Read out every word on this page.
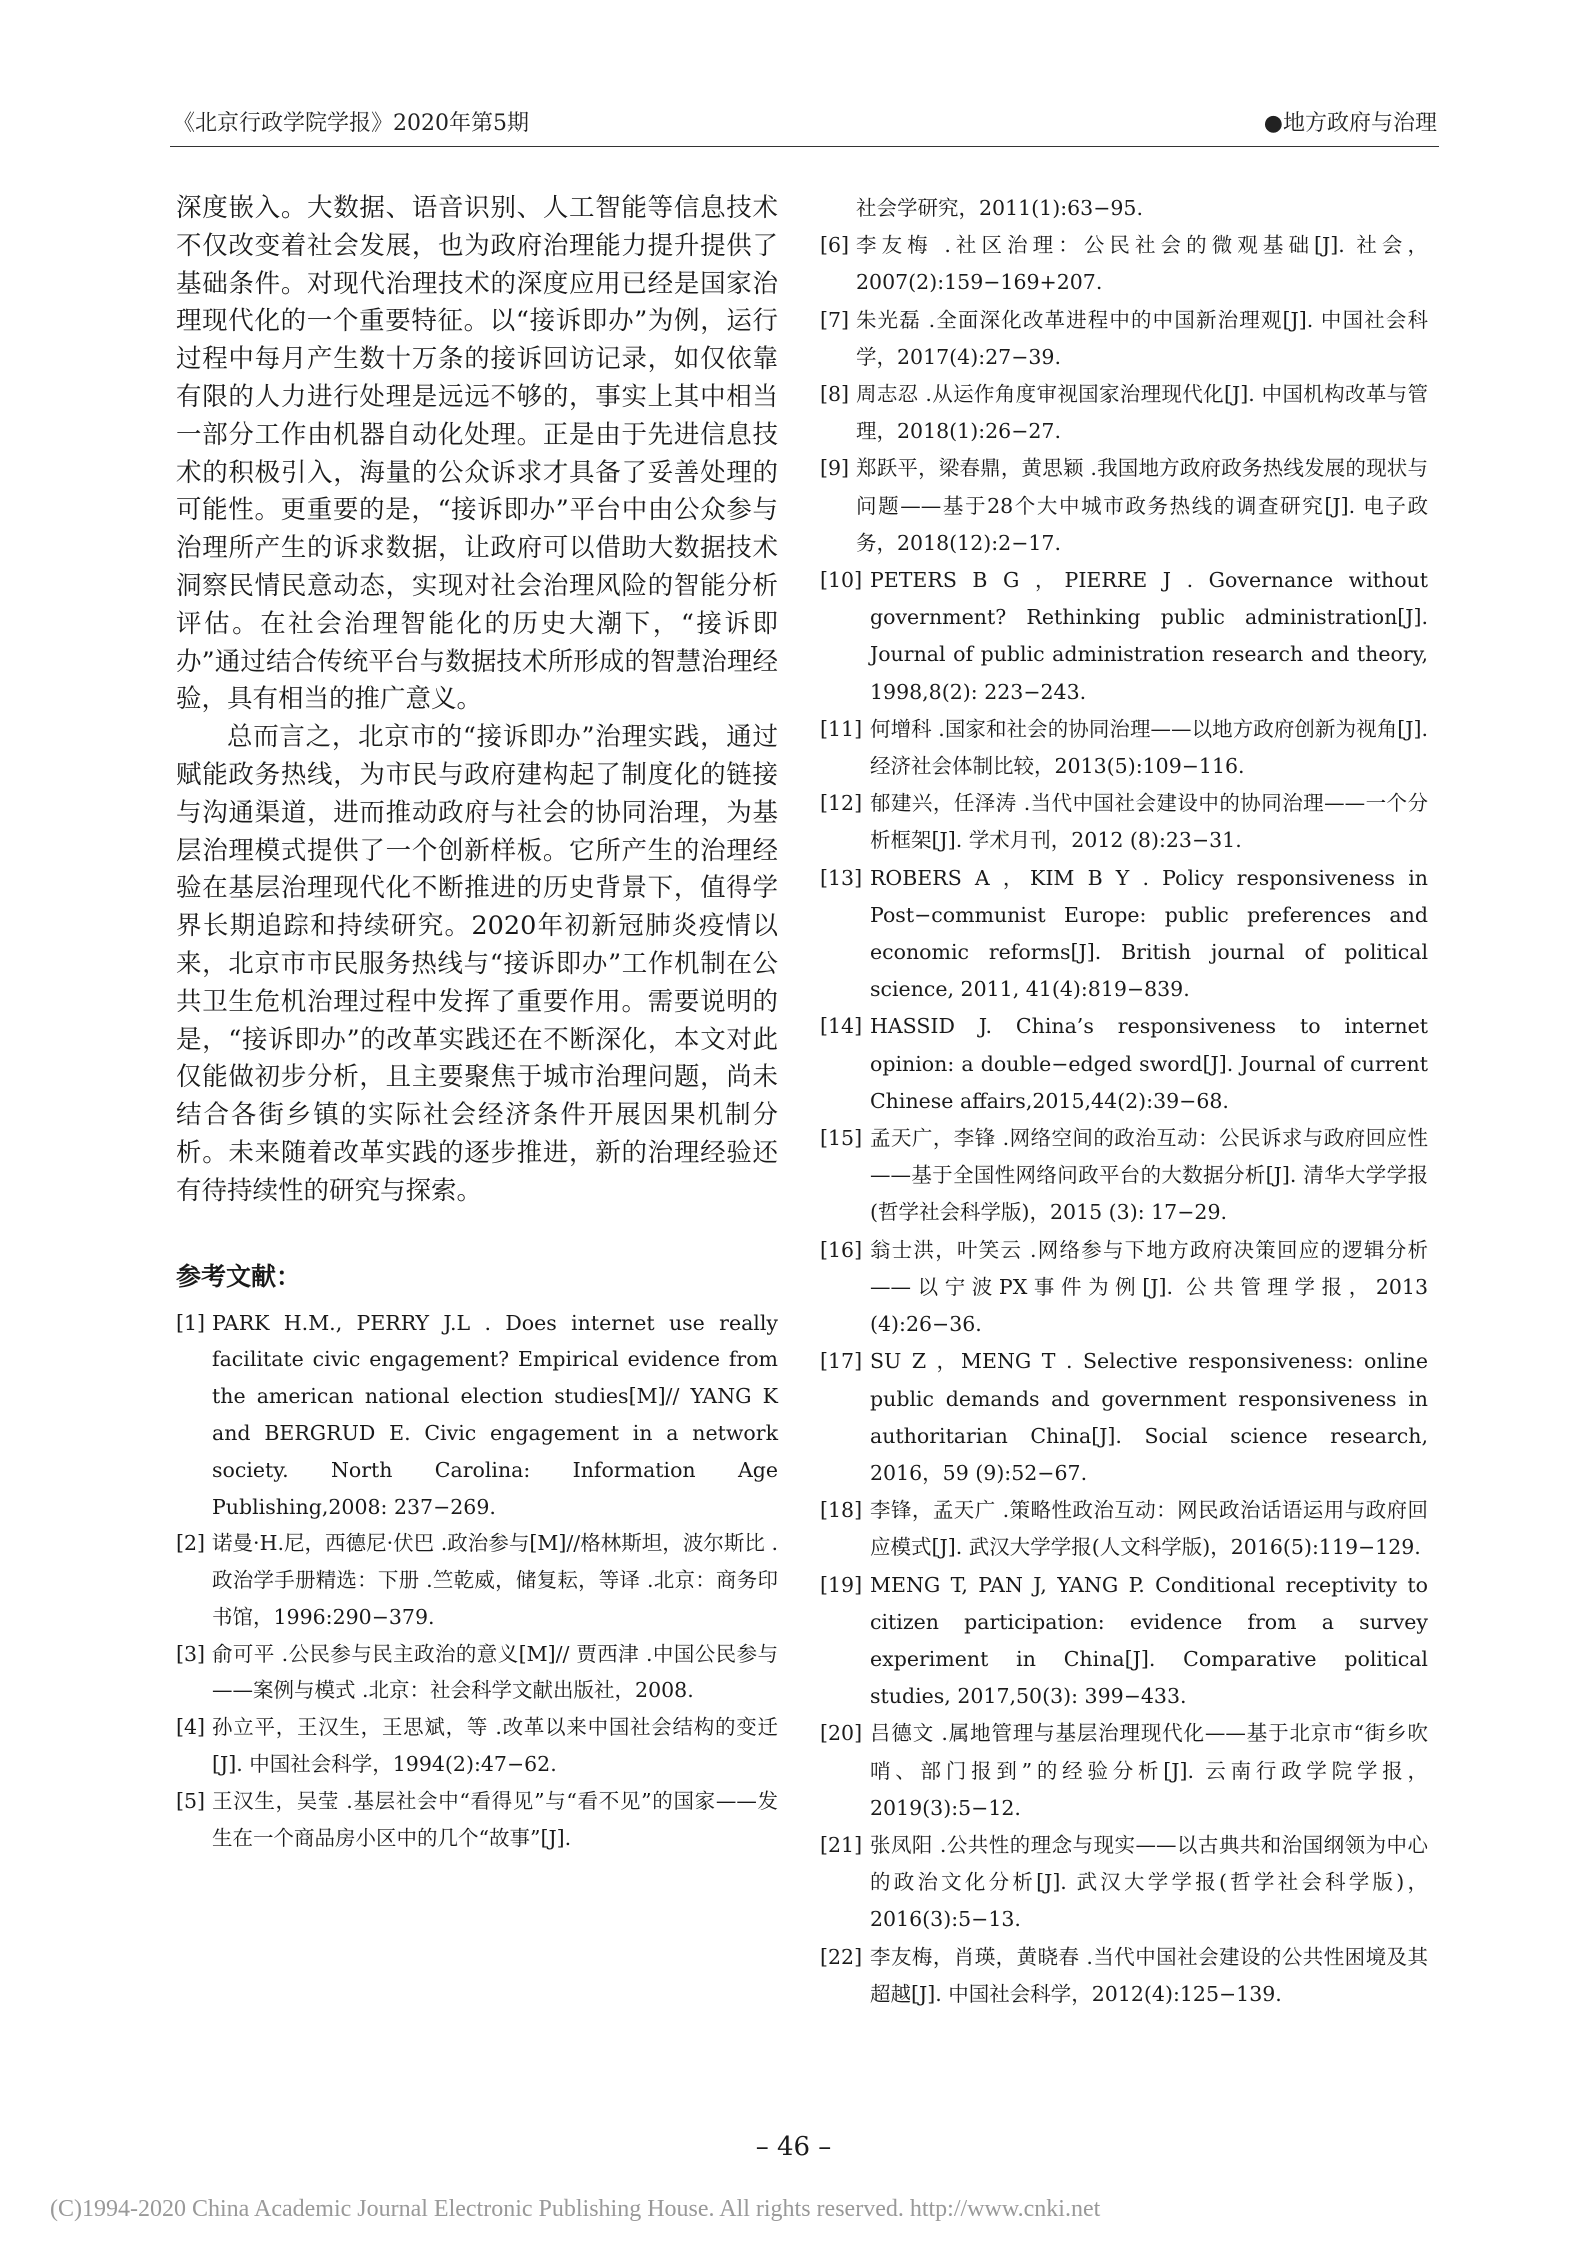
《北京行政学院学报》2020年第5期	●地方政府与治理

深度嵌入。大数据、语音识别、人工智能等信息技术不仅改变着社会发展，也为政府治理能力提升提供了基础条件。对现代治理技术的深度应用已经是国家治理现代化的一个重要特征。以“接诉即办”为例，运行过程中每月产生数十万条的接诉回访记录，如仅依靠有限的人力进行处理是远远不够的，事实上其中相当一部分工作由机器自动化处理。正是由于先进信息技术的积极引入，海量的公众诉求才具备了妥善处理的可能性。更重要的是，“接诉即办”平台中由公众参与治理所产生的诉求数据，让政府可以借助大数据技术洞察民情民意动态，实现对社会治理风险的智能分析评估。在社会治理智能化的历史大潮下，“接诉即办”通过结合传统平台与数据技术所形成的智慧治理经验，具有相当的推广意义。

总而言之，北京市的“接诉即办”治理实践，通过赋能政务热线，为市民与政府建构起了制度化的链接与沟通渠道，进而推动政府与社会的协同治理，为基层治理模式提供了一个创新样板。它所产生的治理经验在基层治理现代化不断推进的历史背景下，值得学界长期追踪和持续研究。2020年初新冠肺炎疫情以来，北京市市民服务热线与“接诉即办”工作机制在公共卫生危机治理过程中发挥了重要作用。需要说明的是，“接诉即办”的改革实践还在不断深化，本文对此仅能做初步分析，且主要聚焦于城市治理问题，尚未结合各街乡镇的实际社会经济条件开展因果机制分析。未来随着改革实践的逐步推进，新的治理经验还有待持续性的研究与探索。

参考文献：
[1] PARK H.M., PERRY J.L . Does internet use really facilitate civic engagement? Empirical evidence from the american national election studies[M]// YANG K and BERGRUD E. Civic engagement in a network society. North Carolina: Information Age Publishing,2008: 237−269.
[2] 诺曼·H.尼，西德尼·伏巴 .政治参与[M]//格林斯坦，波尔斯比 .政治学手册精选：下册 .竺乾威，储复耘，等译 .北京：商务印书馆，1996:290−379.
[3] 俞可平 .公民参与民主政治的意义[M]// 贾西津 .中国公民参与——案例与模式 .北京：社会科学文献出版社，2008.
[4] 孙立平，王汉生，王思斌，等 .改革以来中国社会结构的变迁[J]. 中国社会科学，1994(2):47−62.
[5] 王汉生，吴莹 .基层社会中“看得见”与“看不见”的国家——发生在一个商品房小区中的几个“故事”[J].
社会学研究，2011(1):63−95.
[6] 李友梅 .社区治理：公民社会的微观基础[J]. 社会，2007(2):159−169+207.
[7] 朱光磊 .全面深化改革进程中的中国新治理观[J]. 中国社会科学，2017(4):27−39.
[8] 周志忍 .从运作角度审视国家治理现代化[J]. 中国机构改革与管理，2018(1):26−27.
[9] 郑跃平，梁春鼎，黄思颖 .我国地方政府政务热线发展的现状与问题——基于28个大中城市政务热线的调查研究[J]. 电子政务，2018(12):2−17.
[10] PETERS B G ，PIERRE J . Governance without government? Rethinking public administration[J]. Journal of public administration research and theory, 1998,8(2): 223−243.
[11] 何增科 .国家和社会的协同治理——以地方政府创新为视角[J]. 经济社会体制比较，2013(5):109−116.
[12] 郁建兴，任泽涛 .当代中国社会建设中的协同治理——一个分析框架[J]. 学术月刊，2012 (8):23−31.
[13] ROBERS A ，KIM B Y . Policy responsiveness in Post−communist Europe: public preferences and economic reforms[J]. British journal of political science, 2011, 41(4):819−839.
[14] HASSID J. China’s responsiveness to internet opinion: a double−edged sword[J]. Journal of current Chinese affairs,2015,44(2):39−68.
[15] 孟天广，李锋 .网络空间的政治互动：公民诉求与政府回应性——基于全国性网络问政平台的大数据分析[J]. 清华大学学报(哲学社会科学版)，2015 (3): 17−29.
[16] 翁士洪，叶笑云 .网络参与下地方政府决策回应的逻辑分析——以宁波PX事件为例[J]. 公共管理学报，2013 (4):26−36.
[17] SU Z ，MENG T . Selective responsiveness: online public demands and government responsiveness in authoritarian China[J]. Social science research, 2016，59 (9):52−67.
[18] 李锋，孟天广 .策略性政治互动：网民政治话语运用与政府回应模式[J]. 武汉大学学报(人文科学版)，2016(5):119−129.
[19] MENG T, PAN J, YANG P. Conditional receptivity to citizen participation: evidence from a survey experiment in China[J]. Comparative political studies, 2017,50(3): 399−433.
[20] 吕德文 .属地管理与基层治理现代化——基于北京市“街乡吹哨、部门报到”的经验分析[J]. 云南行政学院学报，2019(3):5−12.
[21] 张凤阳 .公共性的理念与现实——以古典共和治国纲领为中心的政治文化分析[J]. 武汉大学学报(哲学社会科学版)，2016(3):5−13.
[22] 李友梅，肖瑛，黄晓春 .当代中国社会建设的公共性困境及其超越[J]. 中国社会科学，2012(4):125−139.
– 46 –
(C)1994-2020 China Academic Journal Electronic Publishing House. All rights reserved. http://www.cnki.net
